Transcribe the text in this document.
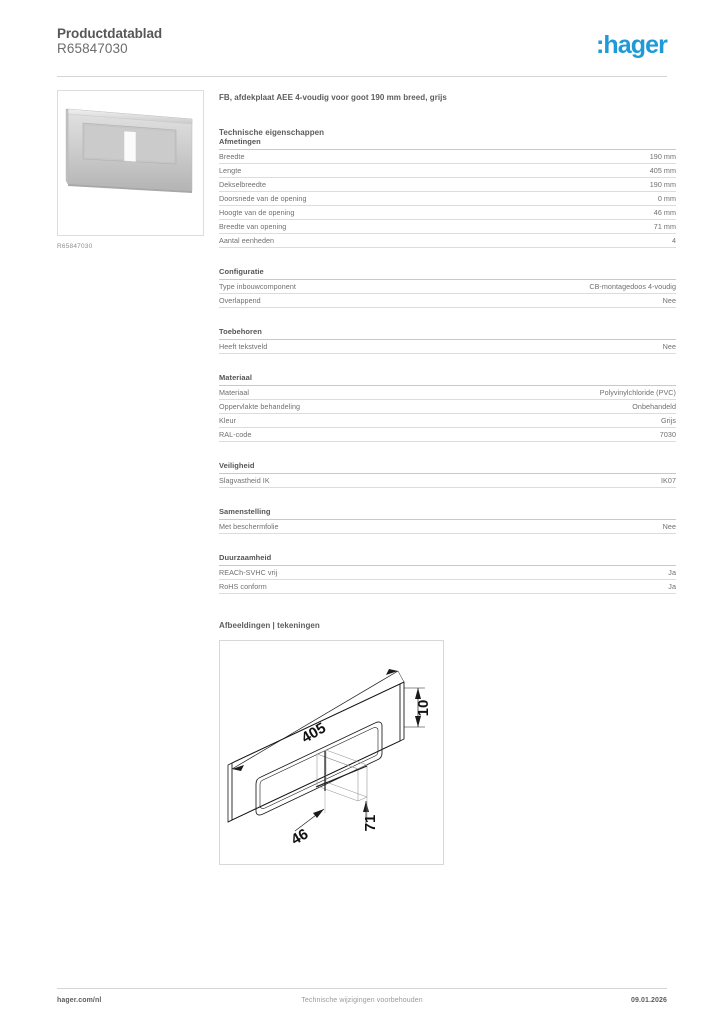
Productdatablad
R65847030	:hager
R65847030
FB, afdekplaat AEE 4-voudig voor goot 190 mm breed, grijs
Technische eigenschappen
Afmetingen
Breedte	190 mm
Lengte	405 mm
Dekselbreedte	190 mm
Doorsnede van de opening	0 mm
Hoogte van de opening	46 mm
Breedte van opening	71 mm
Aantal eenheden	4
Configuratie
Type inbouwcomponent	CB-montagedoos 4-voudig
Overlappend	Nee
Toebehoren
Heeft tekstveld	Nee
Materiaal
Materiaal	Polyvinylchloride (PVC)
Oppervlakte behandeling	Onbehandeld
Kleur	Grijs
RAL-code	7030
Veiligheid
Slagvastheid IK	IK07
Samenstelling
Met beschermfolie	Nee
Duurzaamheid
REACh-SVHC vrij	Ja
RoHS conform	Ja
Afbeeldingen | tekeningen
405
10
46
71
hager.com/nl	Technische wijzigingen voorbehouden	09.01.2026
